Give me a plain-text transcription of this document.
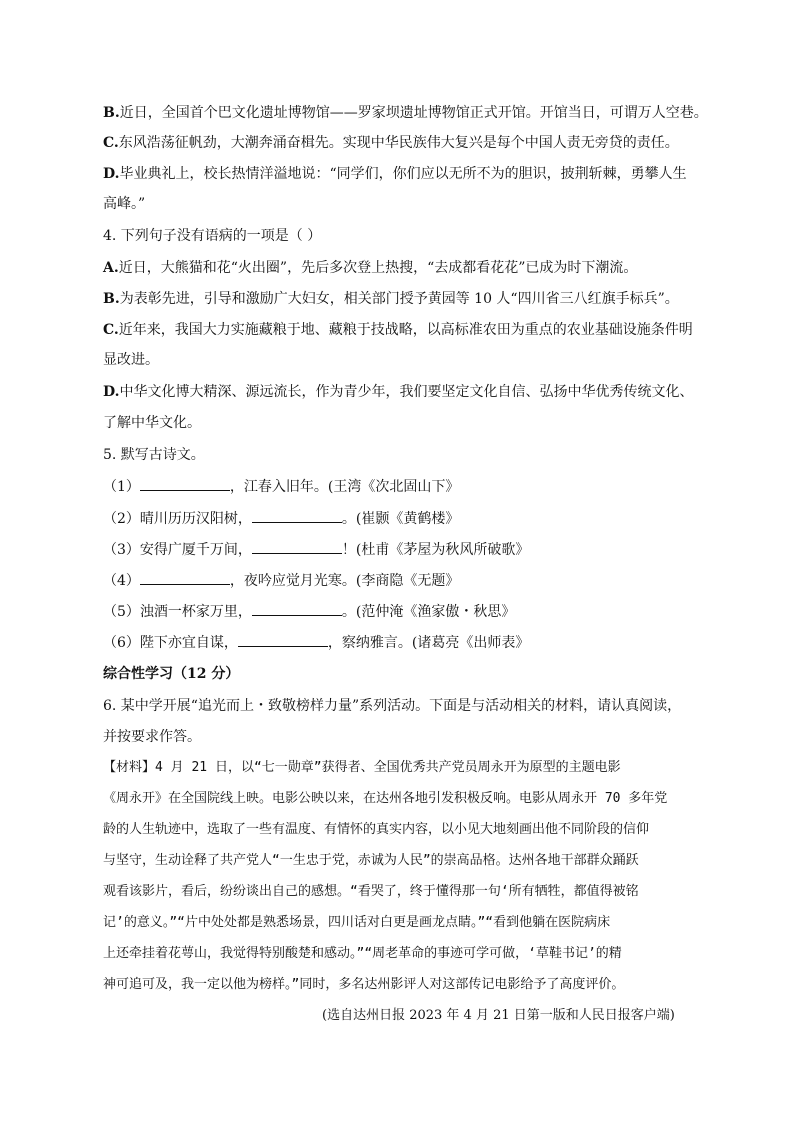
B.近日，全国首个巴文化遗址博物馆——罗家坝遗址博物馆正式开馆。开馆当日，可谓万人空巷。
C.东风浩荡征帆劲，大潮奔涌奋楫先。实现中华民族伟大复兴是每个中国人责无旁贷的责任。
D.毕业典礼上，校长热情洋溢地说：“同学们，你们应以无所不为的胆识，披荆斩棘，勇攀人生
高峰。”
4. 下列句子没有语病的一项是（ ）
A.近日，大熊猫和花“火出圈”，先后多次登上热搜，“去成都看花花”已成为时下潮流。
B.为表彰先进，引导和激励广大妇女，相关部门授予黄园等 10 人“四川省三八红旗手标兵”。
C.近年来，我国大力实施藏粮于地、藏粮于技战略，以高标准农田为重点的农业基础设施条件明
显改进。
D.中华文化博大精深、源远流长，作为青少年，我们要坚定文化自信、弘扬中华优秀传统文化、
了解中华文化。
5. 默写古诗文。
（1）	，江春入旧年。(王湾《次北固山下》
（2）晴川历历汉阳树，	。(崔颢《黄鹤楼》
（3）安得广厦千万间，	！(杜甫《茅屋为秋风所破歌》
（4）	，夜吟应觉月光寒。(李商隐《无题》
（5）浊酒一杯家万里，	。(范仲淹《渔家傲・秋思》
（6）陛下亦宜自谋，	，察纳雅言。(诸葛亮《出师表》
综合性学习（12 分）
6. 某中学开展“追光而上・致敬榜样力量”系列活动。下面是与活动相关的材料，请认真阅读，
并按要求作答。
【材料】4 月 21 日，以“七一勋章”获得者、全国优秀共产党员周永开为原型的主题电影
《周永开》在全国院线上映。电影公映以来，在达州各地引发积极反响。电影从周永开 70 多年党
龄的人生轨迹中，选取了一些有温度、有情怀的真实内容，以小见大地刻画出他不同阶段的信仰
与坚守，生动诠释了共产党人“一生忠于党，赤诚为人民”的崇高品格。达州各地干部群众踊跃
观看该影片，看后，纷纷谈出自己的感想。“看哭了，终于懂得那一句‘所有牺牲，都值得被铭
记’的意义。”“片中处处都是熟悉场景，四川话对白更是画龙点睛。”“看到他躺在医院病床
上还牵挂着花萼山，我觉得特别酸楚和感动。”“周老革命的事迹可学可做，‘草鞋书记’的精
神可追可及，我一定以他为榜样。”同时，多名达州影评人对这部传记电影给予了高度评价。
(选自达州日报 2023 年 4 月 21 日第一版和人民日报客户端)
